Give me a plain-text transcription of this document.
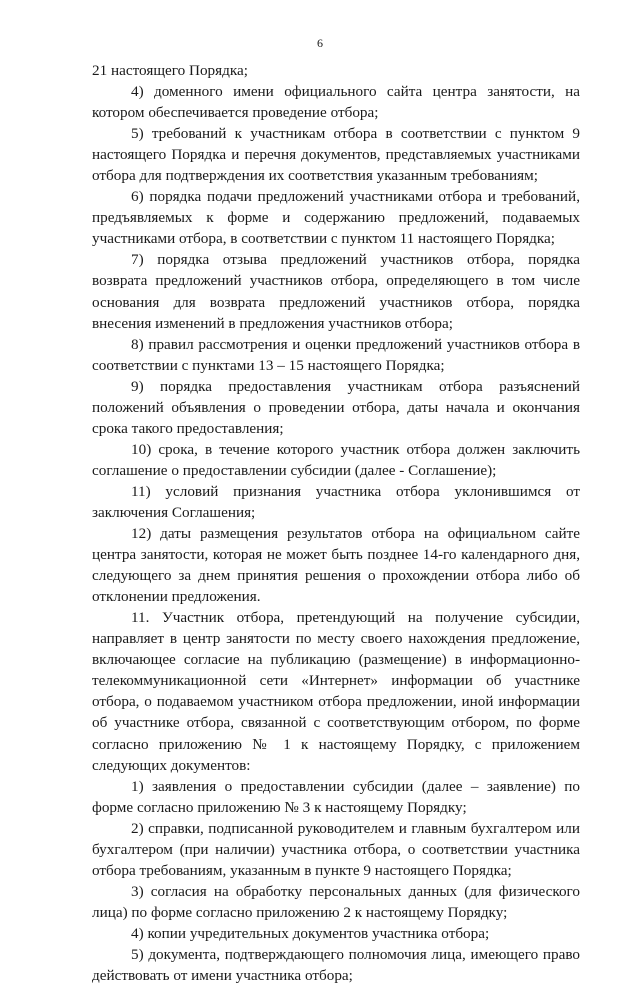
6

21 настоящего Порядка;

4) доменного имени официального сайта центра занятости, на котором обеспечивается проведение отбора;

5) требований к участникам отбора в соответствии с пунктом 9 настоящего Порядка и перечня документов, представляемых участниками отбора для подтверждения их соответствия указанным требованиям;

6) порядка подачи предложений участниками отбора и требований, предъявляемых к форме и содержанию предложений, подаваемых участниками отбора, в соответствии с пунктом 11 настоящего Порядка;

7) порядка отзыва предложений участников отбора, порядка возврата предложений участников отбора, определяющего в том числе основания для возврата предложений участников отбора, порядка внесения изменений в предложения участников отбора;

8) правил рассмотрения и оценки предложений участников отбора в соответствии с пунктами 13 – 15 настоящего Порядка;

9) порядка предоставления участникам отбора разъяснений положений объявления о проведении отбора, даты начала и окончания срока такого предоставления;

10) срока, в течение которого участник отбора должен заключить соглашение о предоставлении субсидии (далее - Соглашение);

11) условий признания участника отбора уклонившимся от заключения Соглашения;

12) даты размещения результатов отбора на официальном сайте центра занятости, которая не может быть позднее 14-го календарного дня, следующего за днем принятия решения о прохождении отбора либо об отклонении предложения.

11. Участник отбора, претендующий на получение субсидии, направляет в центр занятости по месту своего нахождения предложение, включающее согласие на публикацию (размещение) в информационно-телекоммуникационной сети «Интернет» информации об участнике отбора, о подаваемом участником отбора предложении, иной информации об участнике отбора, связанной с соответствующим отбором, по форме согласно приложению № 1 к настоящему Порядку, с приложением следующих документов:

1) заявления о предоставлении субсидии (далее – заявление) по форме согласно приложению № 3 к настоящему Порядку;

2) справки, подписанной руководителем и главным бухгалтером или бухгалтером (при наличии) участника отбора, о соответствии участника отбора требованиям, указанным в пункте 9 настоящего Порядка;

3) согласия на обработку персональных данных (для физического лица) по форме согласно приложению 2 к настоящему Порядку;

4) копии учредительных документов участника отбора;

5) документа, подтверждающего полномочия лица, имеющего право действовать от имени участника отбора;
